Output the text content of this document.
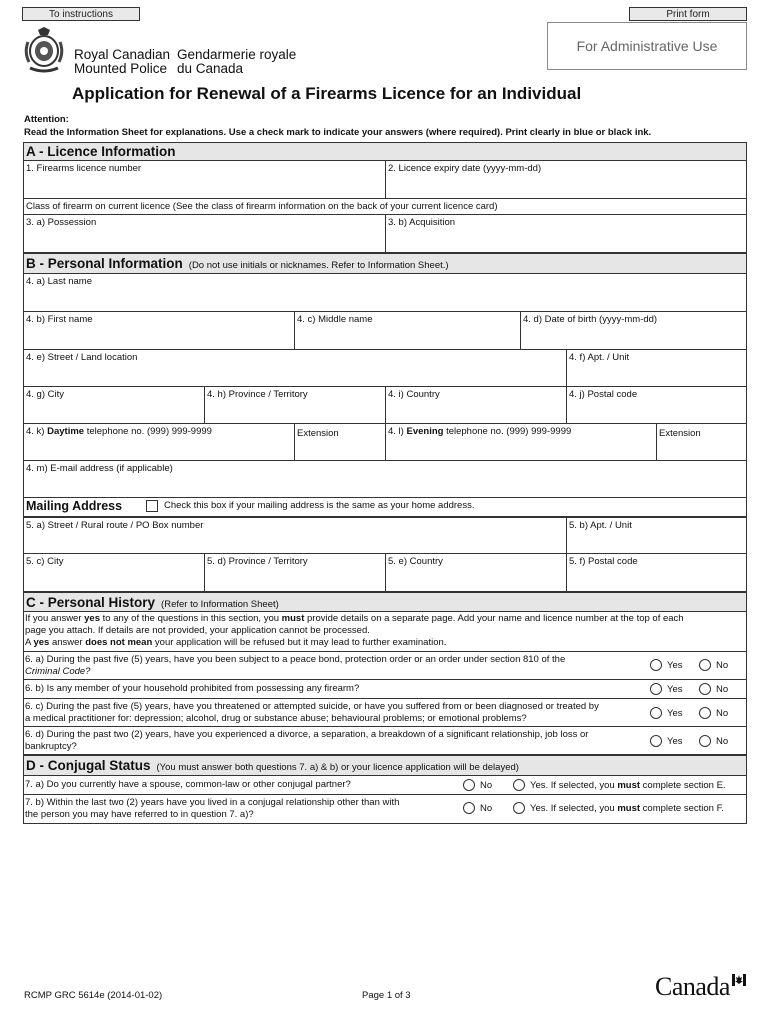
To instructions	Print form
For Administrative Use
Royal Canadian
Mounted Police
Gendarmerie royale
du Canada
Application for Renewal of a Firearms Licence for an Individual
Attention:
Read the Information Sheet for explanations. Use a check mark to indicate your answers (where required). Print clearly in blue or black ink.
A - Licence Information
1. Firearms licence number	2. Licence expiry date (yyyy-mm-dd)
Class of firearm on current licence (See the class of firearm information on the back of your current licence card)
3. a) Possession	3. b) Acquisition
B - Personal Information (Do not use initials or nicknames. Refer to Information Sheet.)
4. a) Last name
4. b) First name	4. c) Middle name	4. d) Date of birth (yyyy-mm-dd)
4. e) Street / Land location	4. f) Apt. / Unit
4. g) City	4. h) Province / Territory	4. i) Country	4. j) Postal code
4. k) Daytime telephone no. (999) 999-9999	Extension	4. l) Evening telephone no. (999) 999-9999	Extension
4. m) E-mail address (if applicable)
Mailing Address	Check this box if your mailing address is the same as your home address.
5. a) Street / Rural route / PO Box number	5. b) Apt. / Unit
5. c) City	5. d) Province / Territory	5. e) Country	5. f) Postal code
C - Personal History (Refer to Information Sheet)
If you answer yes to any of the questions in this section, you must provide details on a separate page. Add your name and licence number at the top of each
page you attach. If details are not provided, your application cannot be processed.
A yes answer does not mean your application will be refused but it may lead to further examination.
6. a) During the past five (5) years, have you been subject to a peace bond, protection order or an order under section 810 of the
Criminal Code?
Yes	No
6. b) Is any member of your household prohibited from possessing any firearm?	Yes	No
6. c) During the past five (5) years, have you threatened or attempted suicide, or have you suffered from or been diagnosed or treated by
a medical practitioner for: depression; alcohol, drug or substance abuse; behavioural problems; or emotional problems?	Yes	No
6. d) During the past two (2) years, have you experienced a divorce, a separation, a breakdown of a significant relationship, job loss or
bankruptcy?	Yes	No
D - Conjugal Status (You must answer both questions 7. a) & b) or your licence application will be delayed)
7. a) Do you currently have a spouse, common-law or other conjugal partner?	No	Yes. If selected, you must complete section E.
7. b) Within the last two (2) years have you lived in a conjugal relationship other than with
the person you may have referred to in question 7. a)?
No	Yes. If selected, you must complete section F.
RCMP GRC 5614e (2014-01-02)	Page 1 of 3	Canada
